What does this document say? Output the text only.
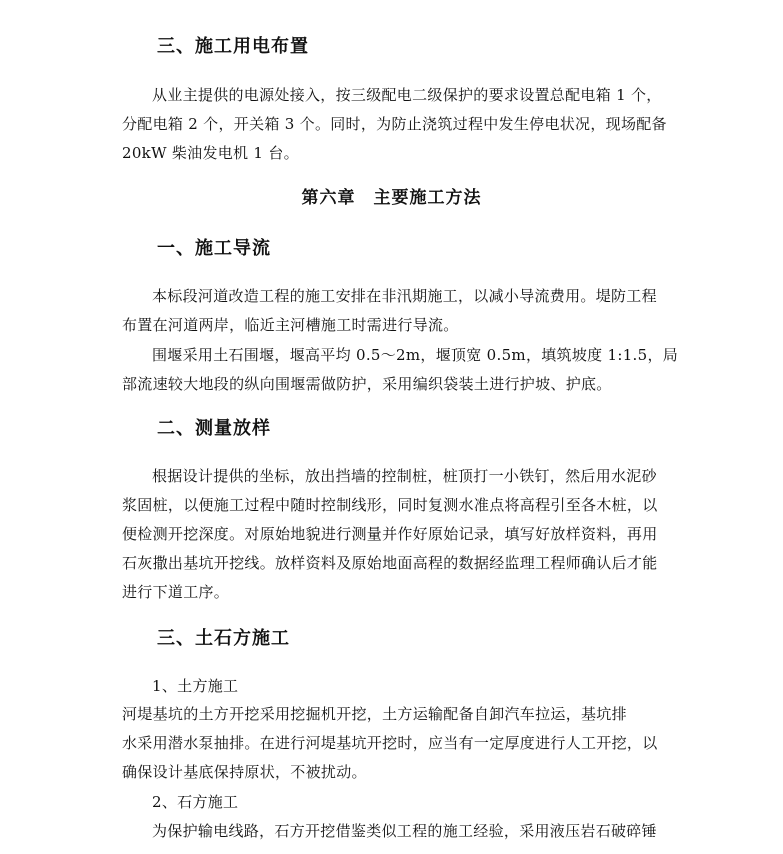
三、施工用电布置
从业主提供的电源处接入，按三级配电二级保护的要求设置总配电箱 1 个，
分配电箱 2 个，开关箱 3 个。同时，为防止浇筑过程中发生停电状况，现场配备
20kW 柴油发电机 1 台。
第六章　主要施工方法
一、施工导流
本标段河道改造工程的施工安排在非汛期施工，以减小导流费用。堤防工程
布置在河道两岸，临近主河槽施工时需进行导流。
围堰采用土石围堰，堰高平均 0.5～2m，堰顶宽 0.5m，填筑坡度 1:1.5，局
部流速较大地段的纵向围堰需做防护，采用编织袋装土进行护坡、护底。
二、测量放样
根据设计提供的坐标，放出挡墙的控制桩，桩顶打一小铁钉，然后用水泥砂
浆固桩，以便施工过程中随时控制线形，同时复测水准点将高程引至各木桩，以
便检测开挖深度。对原始地貌进行测量并作好原始记录，填写好放样资料，再用
石灰撒出基坑开挖线。放样资料及原始地面高程的数据经监理工程师确认后才能
进行下道工序。
三、土石方施工
1、土方施工
河堤基坑的土方开挖采用挖掘机开挖，土方运输配备自卸汽车拉运，基坑排
水采用潜水泵抽排。在进行河堤基坑开挖时，应当有一定厚度进行人工开挖，以
确保设计基底保持原状，不被扰动。
2、石方施工
为保护输电线路，石方开挖借鉴类似工程的施工经验，采用液压岩石破碎锤
